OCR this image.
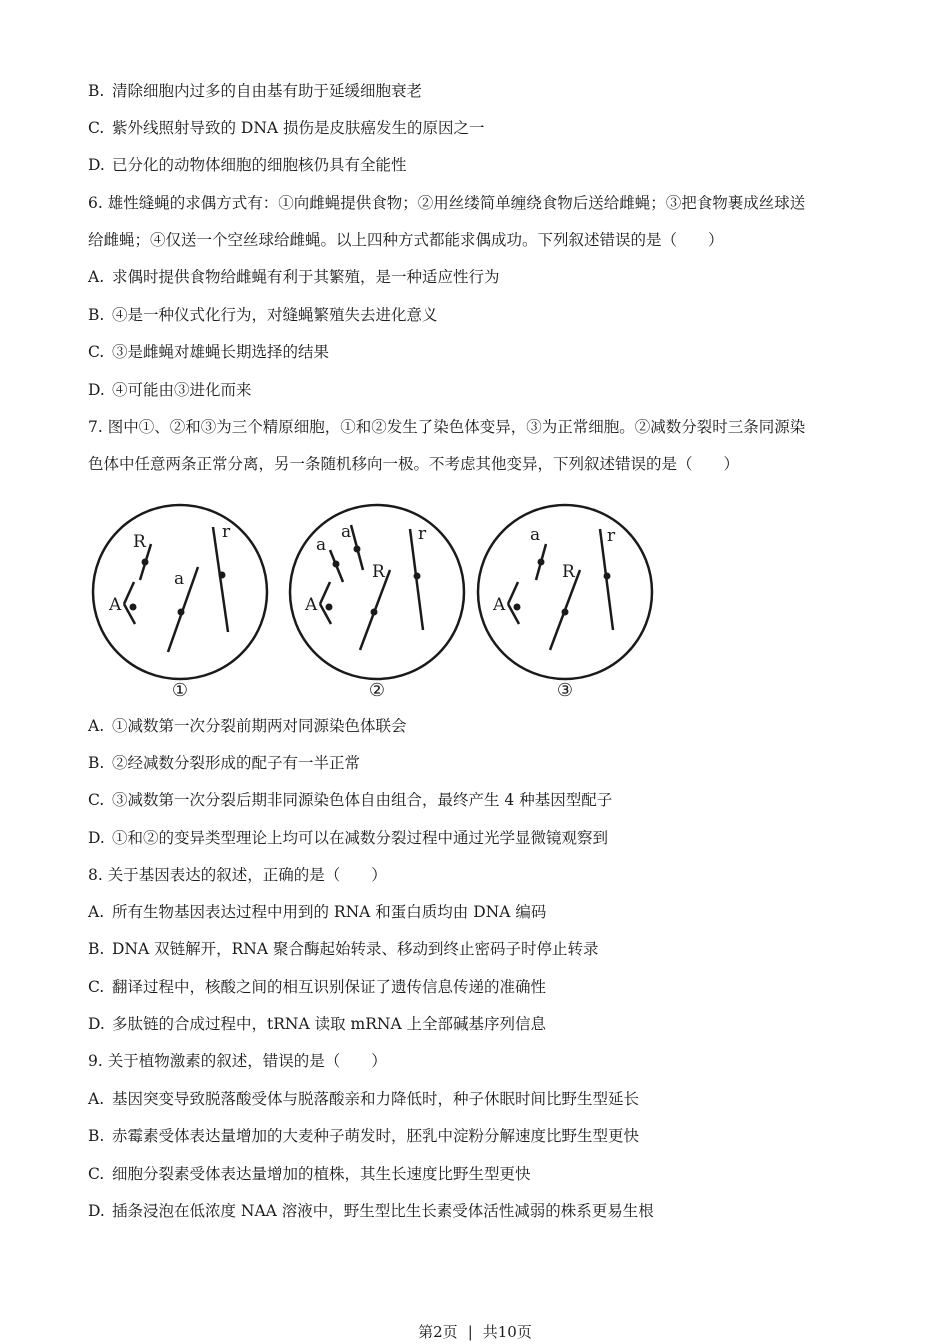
B. 清除细胞内过多的自由基有助于延缓细胞衰老
C. 紫外线照射导致的 DNA 损伤是皮肤癌发生的原因之一
D. 已分化的动物体细胞的细胞核仍具有全能性
6. 雄性缝蝇的求偶方式有：①向雌蝇提供食物；②用丝缕简单缠绕食物后送给雌蝇；③把食物裹成丝球送
给雌蝇；④仅送一个空丝球给雌蝇。以上四种方式都能求偶成功。下列叙述错误的是（　　）
A. 求偶时提供食物给雌蝇有利于其繁殖，是一种适应性行为
B. ④是一种仪式化行为，对缝蝇繁殖失去进化意义
C. ③是雌蝇对雄蝇长期选择的结果
D. ④可能由③进化而来
7. 图中①、②和③为三个精原细胞，①和②发生了染色体变异，③为正常细胞。②减数分裂时三条同源染
色体中任意两条正常分离，另一条随机移向一极。不考虑其他变异，下列叙述错误的是（　　）
A
R
a
r
①
A
a
a
R
r
②
A
a
R
r
③
A. ①减数第一次分裂前期两对同源染色体联会
B. ②经减数分裂形成的配子有一半正常
C. ③减数第一次分裂后期非同源染色体自由组合，最终产生 4 种基因型配子
D. ①和②的变异类型理论上均可以在减数分裂过程中通过光学显微镜观察到
8. 关于基因表达的叙述，正确的是（　　）
A. 所有生物基因表达过程中用到的 RNA 和蛋白质均由 DNA 编码
B. DNA 双链解开，RNA 聚合酶起始转录、移动到终止密码子时停止转录
C. 翻译过程中，核酸之间的相互识别保证了遗传信息传递的准确性
D. 多肽链的合成过程中，tRNA 读取 mRNA 上全部碱基序列信息
9. 关于植物激素的叙述，错误的是（　　）
A. 基因突变导致脱落酸受体与脱落酸亲和力降低时，种子休眠时间比野生型延长
B. 赤霉素受体表达量增加的大麦种子萌发时，胚乳中淀粉分解速度比野生型更快
C. 细胞分裂素受体表达量增加的植株，其生长速度比野生型更快
D. 插条浸泡在低浓度 NAA 溶液中，野生型比生长素受体活性减弱的株系更易生根
第2页 | 共10页
